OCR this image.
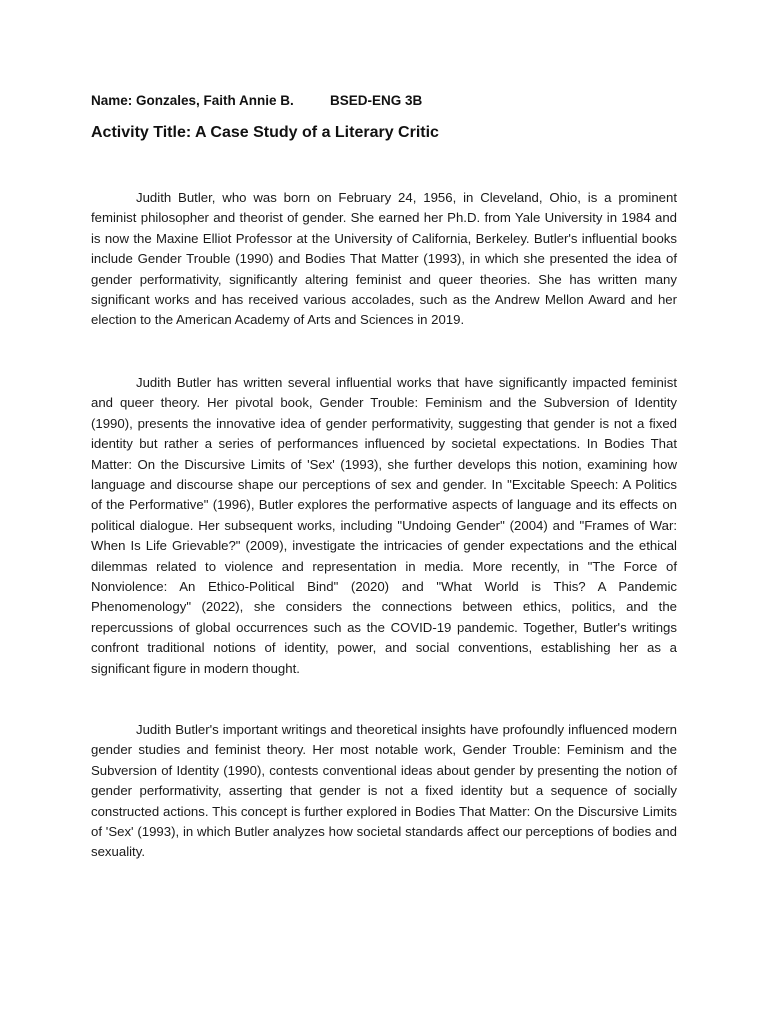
Name: Gonzales, Faith Annie B.	BSED-ENG 3B
Activity Title: A Case Study of a Literary Critic

Judith Butler, who was born on February 24, 1956, in Cleveland, Ohio, is a prominent feminist philosopher and theorist of gender. She earned her Ph.D. from Yale University in 1984 and is now the Maxine Elliot Professor at the University of California, Berkeley. Butler's influential books include Gender Trouble (1990) and Bodies That Matter (1993), in which she presented the idea of gender performativity, significantly altering feminist and queer theories. She has written many significant works and has received various accolades, such as the Andrew Mellon Award and her election to the American Academy of Arts and Sciences in 2019.

Judith Butler has written several influential works that have significantly impacted feminist and queer theory. Her pivotal book, Gender Trouble: Feminism and the Subversion of Identity (1990), presents the innovative idea of gender performativity, suggesting that gender is not a fixed identity but rather a series of performances influenced by societal expectations. In Bodies That Matter: On the Discursive Limits of 'Sex' (1993), she further develops this notion, examining how language and discourse shape our perceptions of sex and gender. In "Excitable Speech: A Politics of the Performative" (1996), Butler explores the performative aspects of language and its effects on political dialogue. Her subsequent works, including "Undoing Gender" (2004) and "Frames of War: When Is Life Grievable?" (2009), investigate the intricacies of gender expectations and the ethical dilemmas related to violence and representation in media. More recently, in "The Force of Nonviolence: An Ethico-Political Bind" (2020) and "What World is This? A Pandemic Phenomenology" (2022), she considers the connections between ethics, politics, and the repercussions of global occurrences such as the COVID-19 pandemic. Together, Butler's writings confront traditional notions of identity, power, and social conventions, establishing her as a significant figure in modern thought.

Judith Butler's important writings and theoretical insights have profoundly influenced modern gender studies and feminist theory. Her most notable work, Gender Trouble: Feminism and the Subversion of Identity (1990), contests conventional ideas about gender by presenting the notion of gender performativity, asserting that gender is not a fixed identity but a sequence of socially constructed actions. This concept is further explored in Bodies That Matter: On the Discursive Limits of 'Sex' (1993), in which Butler analyzes how societal standards affect our perceptions of bodies and sexuality.
